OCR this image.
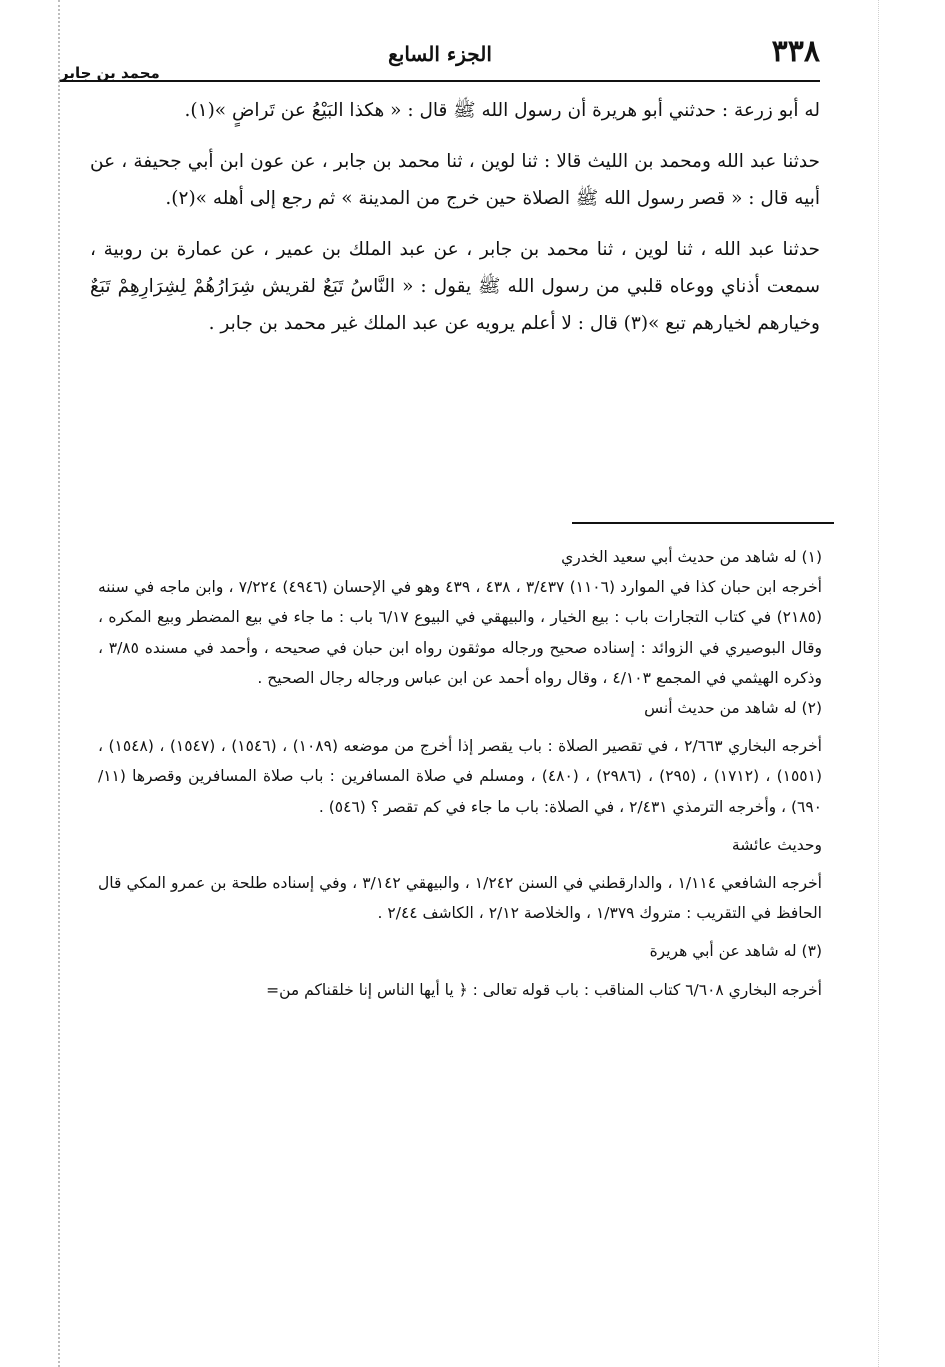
٣٣٨
الجزء السابع
محمد بن جابر

له أبو زرعة : حدثني أبو هريرة أن رسول الله ﷺ قال : « هكذا البَيْعُ عن تَراضٍ »(١).

حدثنا عبد الله ومحمد بن الليث قالا : ثنا لوين ، ثنا محمد بن جابر ، عن عون ابن أبي جحيفة ، عن أبيه قال : « قصر رسول الله ﷺ الصلاة حين خرج من المدينة » ثم رجع إلى أهله »(٢).

حدثنا عبد الله ، ثنا لوين ، ثنا محمد بن جابر ، عن عبد الملك بن عمير ، عن عمارة بن روبية ، سمعت أذناي ووعاه قلبي من رسول الله ﷺ يقول : « النَّاسُ تَبَعٌ لقريش شِرَارُهُمْ لِشِرَارِهِمْ تَبَعٌ وخيارهم لخيارهم تبع »(٣) قال : لا أعلم يرويه عن عبد الملك غير محمد بن جابر .

(١) له شاهد من حديث أبي سعيد الخدري

أخرجه ابن حبان كذا في الموارد (١١٠٦) ٣/٤٣٧ ، ٤٣٨ ، ٤٣٩ وهو في الإحسان (٤٩٤٦) ٧/٢٢٤ ، وابن ماجه في سننه (٢١٨٥) في كتاب التجارات باب : بيع الخيار ، والبيهقي في البيوع ٦/١٧ باب : ما جاء في بيع المضطر وبيع المكره ، وقال البوصيري في الزوائد : إسناده صحيح ورجاله موثقون رواه ابن حبان في صحيحه ، وأحمد في مسنده ٣/٨٥ ، وذكره الهيثمي في المجمع ٤/١٠٣ ، وقال رواه أحمد عن ابن عباس ورجاله رجال الصحيح .

(٢) له شاهد من حديث أنس

أخرجه البخاري ٢/٦٦٣ ، في تقصير الصلاة : باب يقصر إذا أخرج من موضعه (١٠٨٩) ، (١٥٤٦) ، (١٥٤٧) ، (١٥٤٨) ، (١٥٥١) ، (١٧١٢) ، (٢٩٥) ، (٢٩٨٦) ، (٤٨٠) ، ومسلم في صلاة المسافرين : باب صلاة المسافرين وقصرها (١١/ ٦٩٠) ، وأخرجه الترمذي ٢/٤٣١ ، في الصلاة: باب ما جاء في كم تقصر ؟ (٥٤٦) .

وحديث عائشة

أخرجه الشافعي ١/١١٤ ، والدارقطني في السنن ١/٢٤٢ ، والبيهقي ٣/١٤٢ ، وفي إسناده طلحة بن عمرو المكي قال الحافظ في التقريب : متروك ١/٣٧٩ ، والخلاصة ٢/١٢ ، الكاشف ٢/٤٤ .

(٣) له شاهد عن أبي هريرة

أخرجه البخاري ٦/٦٠٨ كتاب المناقب : باب قوله تعالى : ﴿ يا أيها الناس إنا خلقناكم من=
